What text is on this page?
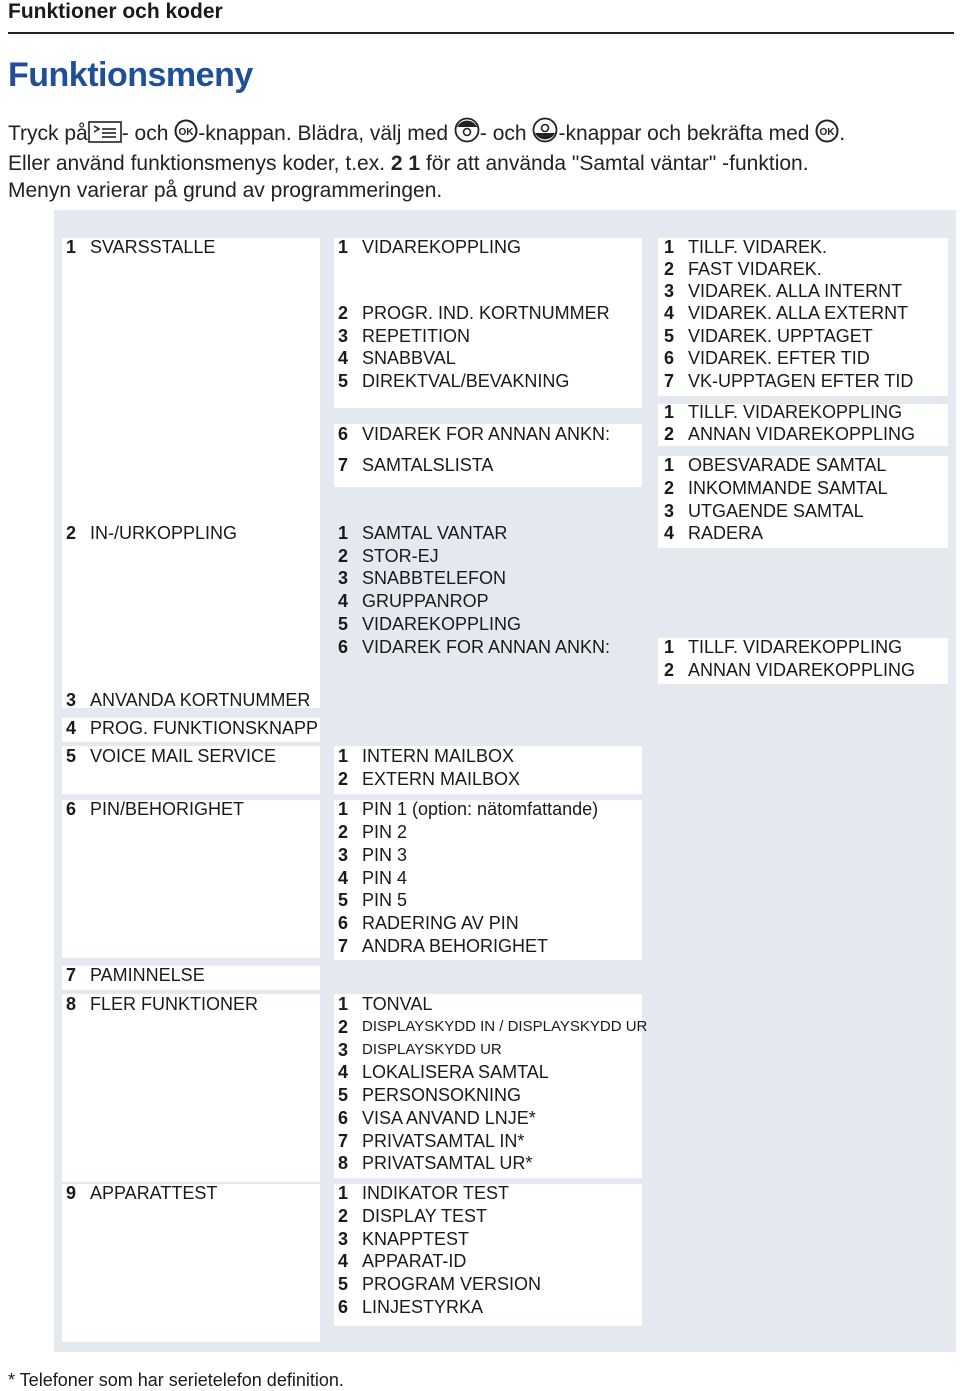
Funktioner och koder
Funktionsmeny
Tryck på - och OK -knappan. Blädra, välj med - och -knappar och bekräfta med OK .
Eller använd funktionsmenys koder, t.ex. 2 1 för att använda "Samtal väntar" -funktion.
Menyn varierar på grund av programmeringen.
1 SVARSSTALLE
2 IN-/URKOPPLING
3 ANVANDA KORTNUMMER
4 PROG. FUNKTIONSKNAPP
5 VOICE MAIL SERVICE
6 PIN/BEHORIGHET
7 PAMINNELSE
8 FLER FUNKTIONER
9 APPARATTEST
1 VIDAREKOPPLING
2 PROGR. IND. KORTNUMMER
3 REPETITION
4 SNABBVAL
5 DIREKTVAL/BEVAKNING
6 VIDAREK FOR ANNAN ANKN:
7 SAMTALSLISTA
1 SAMTAL VANTAR
2 STOR-EJ
3 SNABBTELEFON
4 GRUPPANROP
5 VIDAREKOPPLING
6 VIDAREK FOR ANNAN ANKN:
1 INTERN MAILBOX
2 EXTERN MAILBOX
1 PIN 1 (option: nätomfattande)
2 PIN 2
3 PIN 3
4 PIN 4
5 PIN 5
6 RADERING AV PIN
7 ANDRA BEHORIGHET
1 TONVAL
2 DISPLAYSKYDD IN / DISPLAYSKYDD UR
3 DISPLAYSKYDD UR
4 LOKALISERA SAMTAL
5 PERSONSOKNING
6 VISA ANVAND LNJE*
7 PRIVATSAMTAL IN*
8 PRIVATSAMTAL UR*
1 INDIKATOR TEST
2 DISPLAY TEST
3 KNAPPTEST
4 APPARAT-ID
5 PROGRAM VERSION
6 LINJESTYRKA
1 TILLF. VIDAREK.
2 FAST VIDAREK.
3 VIDAREK. ALLA INTERNT
4 VIDAREK. ALLA EXTERNT
5 VIDAREK. UPPTAGET
6 VIDAREK. EFTER TID
7 VK-UPPTAGEN EFTER TID
1 TILLF. VIDAREKOPPLING
2 ANNAN VIDAREKOPPLING
1 OBESVARADE SAMTAL
2 INKOMMANDE SAMTAL
3 UTGAENDE SAMTAL
4 RADERA
1 TILLF. VIDAREKOPPLING
2 ANNAN VIDAREKOPPLING
* Telefoner som har serietelefon definition.
